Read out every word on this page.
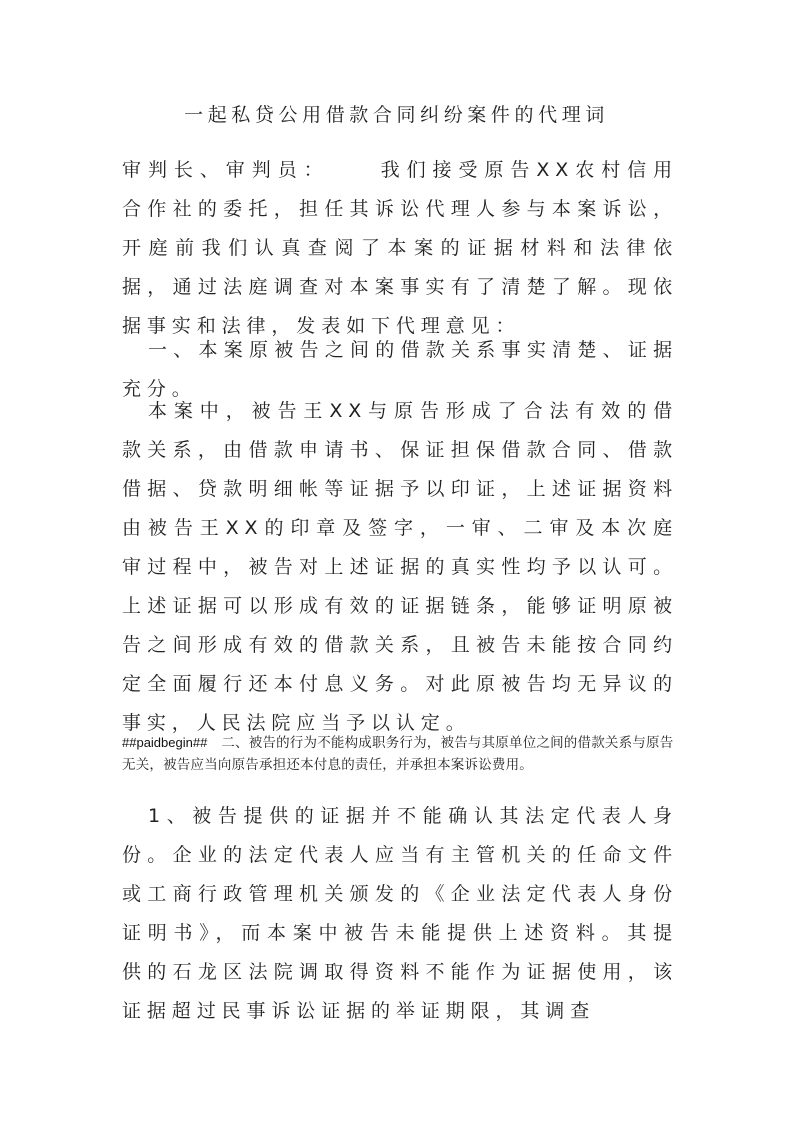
一起私贷公用借款合同纠纷案件的代理词
审判长、审判员：	我们接受原告XX农村信用合作社的委托，担任其诉讼代理人参与本案诉讼，开庭前我们认真查阅了本案的证据材料和法律依据，通过法庭调查对本案事实有了清楚了解。现依据事实和法律，发表如下代理意见：
一、本案原被告之间的借款关系事实清楚、证据充分。
本案中，被告王XX与原告形成了合法有效的借款关系，由借款申请书、保证担保借款合同、借款借据、贷款明细帐等证据予以印证，上述证据资料由被告王XX的印章及签字，一审、二审及本次庭审过程中，被告对上述证据的真实性均予以认可。上述证据可以形成有效的证据链条，能够证明原被告之间形成有效的借款关系，且被告未能按合同约定全面履行还本付息义务。对此原被告均无异议的事实，人民法院应当予以认定。
##paidbegin## 二、被告的行为不能构成职务行为，被告与其原单位之间的借款关系与原告无关，被告应当向原告承担还本付息的责任，并承担本案诉讼费用。
1、被告提供的证据并不能确认其法定代表人身份。企业的法定代表人应当有主管机关的任命文件或工商行政管理机关颁发的《企业法定代表人身份证明书》，而本案中被告未能提供上述资料。其提供的石龙区法院调取得资料不能作为证据使用，该证据超过民事诉讼证据的举证期限，其调查
